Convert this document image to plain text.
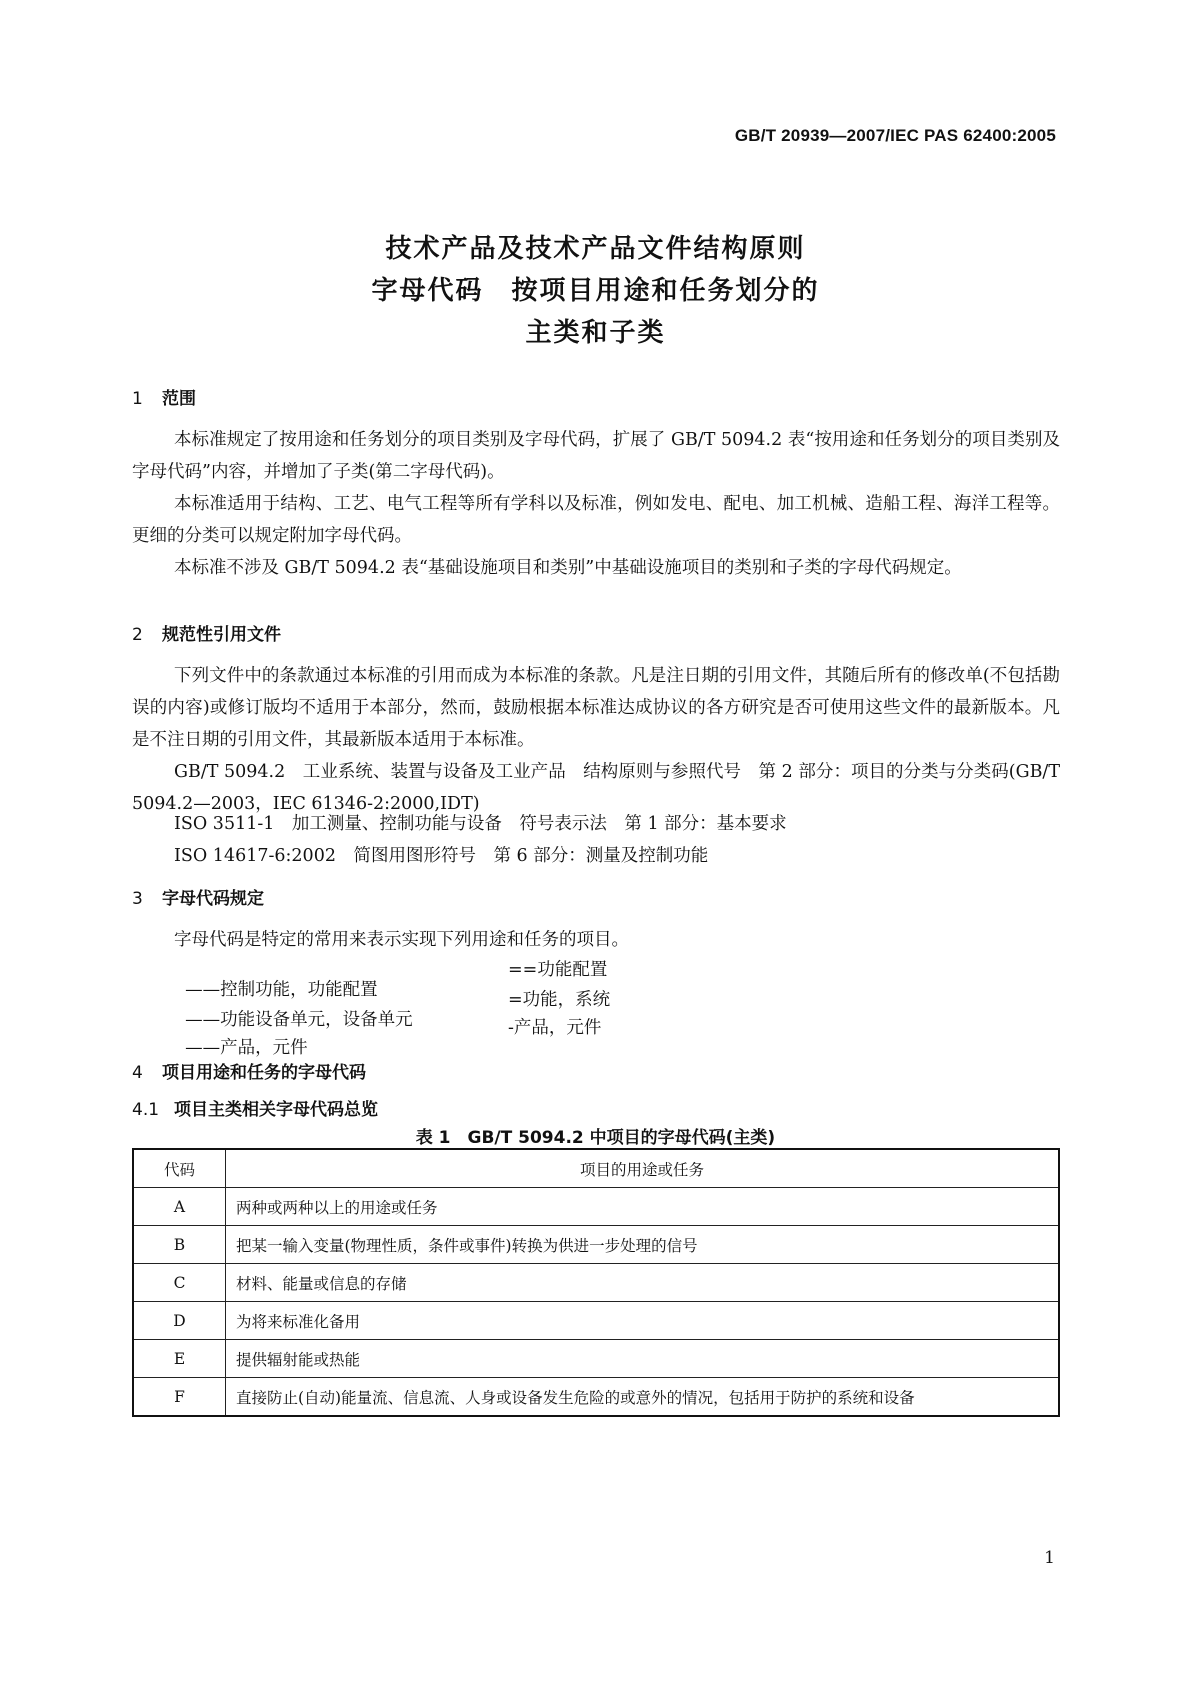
GB/T 20939—2007/IEC PAS 62400:2005
技术产品及技术产品文件结构原则
字母代码　按项目用途和任务划分的
主类和子类
1 范围

本标准规定了按用途和任务划分的项目类别及字母代码，扩展了 GB/T 5094.2 表“按用途和任务划分的项目类别及字母代码”内容，并增加了子类(第二字母代码)。

本标准适用于结构、工艺、电气工程等所有学科以及标准，例如发电、配电、加工机械、造船工程、海洋工程等。更细的分类可以规定附加字母代码。

本标准不涉及 GB/T 5094.2 表“基础设施项目和类别”中基础设施项目的类别和子类的字母代码规定。

2 规范性引用文件

下列文件中的条款通过本标准的引用而成为本标准的条款。凡是注日期的引用文件，其随后所有的修改单(不包括勘误的内容)或修订版均不适用于本部分，然而，鼓励根据本标准达成协议的各方研究是否可使用这些文件的最新版本。凡是不注日期的引用文件，其最新版本适用于本标准。

GB/T 5094.2　工业系统、装置与设备及工业产品　结构原则与参照代号　第 2 部分：项目的分类与分类码(GB/T 5094.2—2003，IEC 61346-2:2000,IDT)

ISO 3511-1　加工测量、控制功能与设备　符号表示法　第 1 部分：基本要求
ISO 14617-6:2002　简图用图形符号　第 6 部分：测量及控制功能
3 字母代码规定
字母代码是特定的常用来表示实现下列用途和任务的项目。

——控制功能，功能配置

==功能配置

——功能设备单元，设备单元

=功能，系统

——产品，元件

-产品，元件

4 项目用途和任务的字母代码
4.1 项目主类相关字母代码总览
表 1　GB/T 5094.2 中项目的字母代码(主类)
代码	项目的用途或任务
A	两种或两种以上的用途或任务
B	把某一输入变量(物理性质，条件或事件)转换为供进一步处理的信号
C	材料、能量或信息的存储
D	为将来标准化备用
E	提供辐射能或热能
F	直接防止(自动)能量流、信息流、人身或设备发生危险的或意外的情况，包括用于防护的系统和设备
1
